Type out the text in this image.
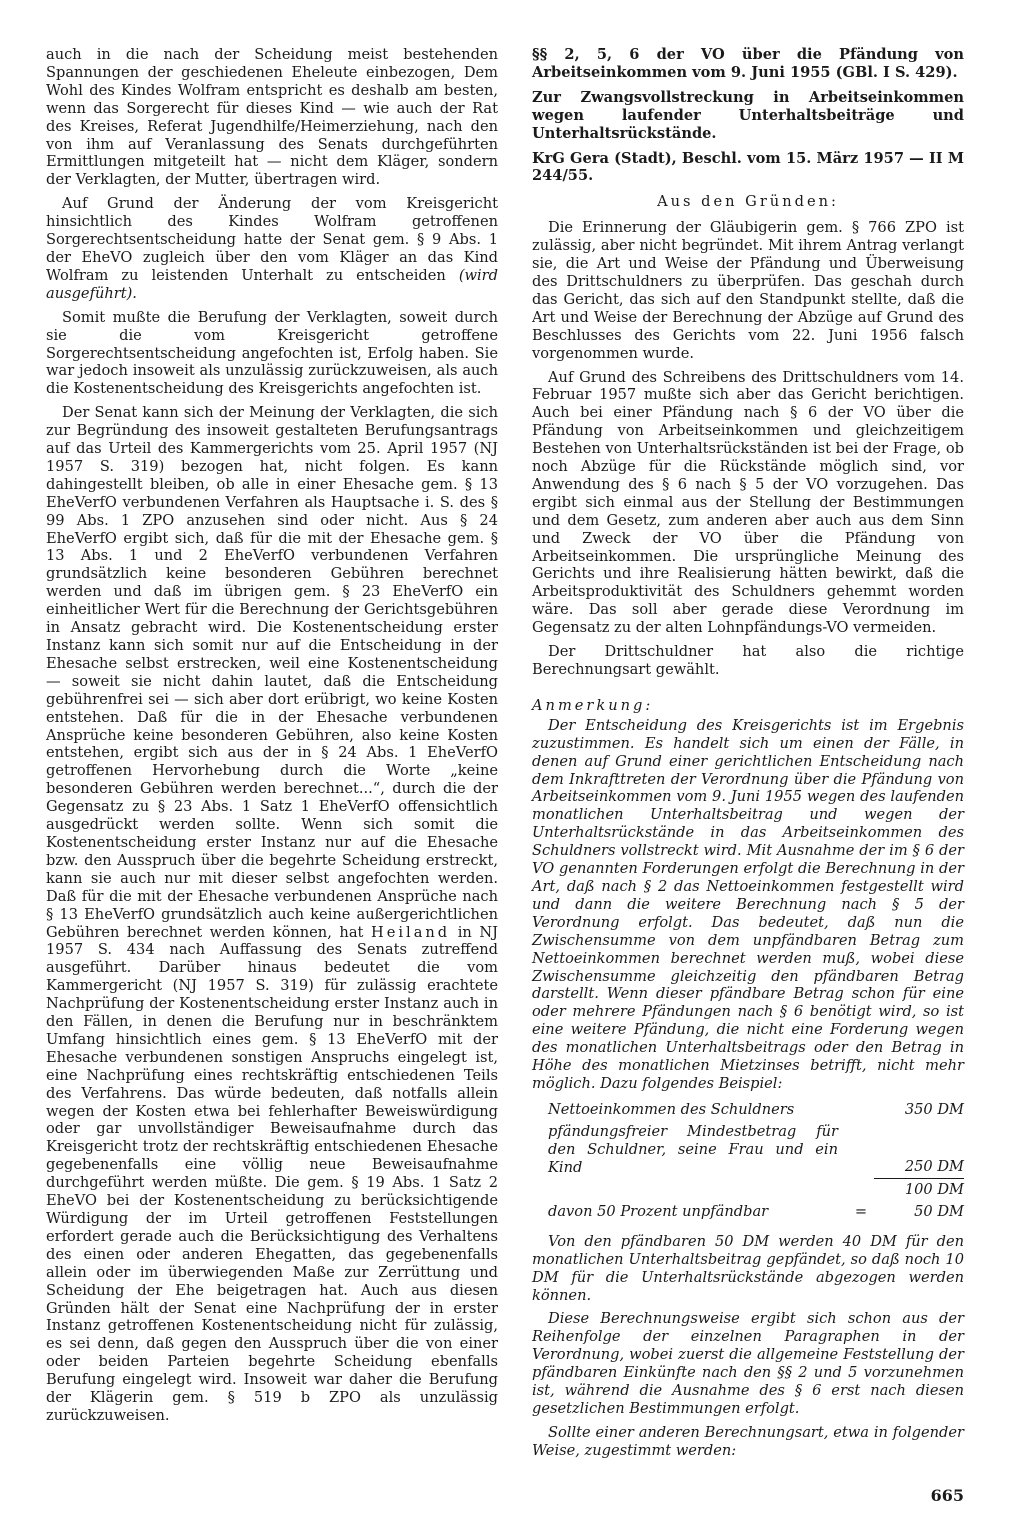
auch in die nach der Scheidung meist bestehenden Spannungen der geschiedenen Eheleute einbezogen, Dem Wohl des Kindes Wolfram entspricht es deshalb am besten, wenn das Sorgerecht für dieses Kind — wie auch der Rat des Kreises, Referat Jugendhilfe/Heimerziehung, nach den von ihm auf Veranlassung des Senats durchgeführten Ermittlungen mitgeteilt hat — nicht dem Kläger, sondern der Verklagten, der Mutter, übertragen wird.

Auf Grund der Änderung der vom Kreisgericht hinsichtlich des Kindes Wolfram getroffenen Sorgerechtsentscheidung hatte der Senat gem. § 9 Abs. 1 der EheVO zugleich über den vom Kläger an das Kind Wolfram zu leistenden Unterhalt zu entscheiden (wird ausgeführt).

Somit mußte die Berufung der Verklagten, soweit durch sie die vom Kreisgericht getroffene Sorgerechtsentscheidung angefochten ist, Erfolg haben. Sie war jedoch insoweit als unzulässig zurückzuweisen, als auch die Kostenentscheidung des Kreisgerichts angefochten ist.

Der Senat kann sich der Meinung der Verklagten, die sich zur Begründung des insoweit gestalteten Berufungsantrags auf das Urteil des Kammergerichts vom 25. April 1957 (NJ 1957 S. 319) bezogen hat, nicht folgen. Es kann dahingestellt bleiben, ob alle in einer Ehesache gem. § 13 EheVerfO verbundenen Verfahren als Hauptsache i. S. des § 99 Abs. 1 ZPO anzusehen sind oder nicht. Aus § 24 EheVerfO ergibt sich, daß für die mit der Ehesache gem. § 13 Abs. 1 und 2 EheVerfO verbundenen Verfahren grundsätzlich keine besonderen Gebühren berechnet werden und daß im übrigen gem. § 23 EheVerfO ein einheitlicher Wert für die Berechnung der Gerichtsgebühren in Ansatz gebracht wird. Die Kostenentscheidung erster Instanz kann sich somit nur auf die Entscheidung in der Ehesache selbst erstrecken, weil eine Kostenentscheidung — soweit sie nicht dahin lautet, daß die Entscheidung gebührenfrei sei — sich aber dort erübrigt, wo keine Kosten entstehen. Daß für die in der Ehesache verbundenen Ansprüche keine besonderen Gebühren, also keine Kosten entstehen, ergibt sich aus der in § 24 Abs. 1 EheVerfO getroffenen Hervorhebung durch die Worte „keine besonderen Gebühren werden berechnet...“, durch die der Gegensatz zu § 23 Abs. 1 Satz 1 EheVerfO offensichtlich ausgedrückt werden sollte. Wenn sich somit die Kostenentscheidung erster Instanz nur auf die Ehesache bzw. den Ausspruch über die begehrte Scheidung erstreckt, kann sie auch nur mit dieser selbst angefochten werden. Daß für die mit der Ehesache verbundenen Ansprüche nach § 13 EheVerfO grundsätzlich auch keine außergerichtlichen Gebühren berechnet werden können, hat Heiland in NJ 1957 S. 434 nach Auffassung des Senats zutreffend ausgeführt. Darüber hinaus bedeutet die vom Kammergericht (NJ 1957 S. 319) für zulässig erachtete Nachprüfung der Kostenentscheidung erster Instanz auch in den Fällen, in denen die Berufung nur in beschränktem Umfang hinsichtlich eines gem. § 13 EheVerfO mit der Ehesache verbundenen sonstigen Anspruchs eingelegt ist, eine Nachprüfung eines rechtskräftig entschiedenen Teils des Verfahrens. Das würde bedeuten, daß notfalls allein wegen der Kosten etwa bei fehlerhafter Beweiswürdigung oder gar unvollständiger Beweisaufnahme durch das Kreisgericht trotz der rechtskräftig entschiedenen Ehesache gegebenenfalls eine völlig neue Beweisaufnahme durchgeführt werden müßte. Die gem. § 19 Abs. 1 Satz 2 EheVO bei der Kostenentscheidung zu berücksichtigende Würdigung der im Urteil getroffenen Feststellungen erfordert gerade auch die Berücksichtigung des Verhaltens des einen oder anderen Ehegatten, das gegebenenfalls allein oder im überwiegenden Maße zur Zerrüttung und Scheidung der Ehe beigetragen hat. Auch aus diesen Gründen hält der Senat eine Nachprüfung der in erster Instanz getroffenen Kostenentscheidung nicht für zulässig, es sei denn, daß gegen den Ausspruch über die von einer oder beiden Parteien begehrte Scheidung ebenfalls Berufung eingelegt wird. Insoweit war daher die Berufung der Klägerin gem. § 519 b ZPO als unzulässig zurückzuweisen.

§§ 2, 5, 6 der VO über die Pfändung von Arbeitseinkommen vom 9. Juni 1955 (GBl. I S. 429).

Zur Zwangsvollstreckung in Arbeitseinkommen wegen laufender Unterhaltsbeiträge und Unterhaltsrückstände.

KrG Gera (Stadt), Beschl. vom 15. März 1957 — II M 244/55.

Aus den Gründen:

Die Erinnerung der Gläubigerin gem. § 766 ZPO ist zulässig, aber nicht begründet. Mit ihrem Antrag verlangt sie, die Art und Weise der Pfändung und Überweisung des Drittschuldners zu überprüfen. Das geschah durch das Gericht, das sich auf den Standpunkt stellte, daß die Art und Weise der Berechnung der Abzüge auf Grund des Beschlusses des Gerichts vom 22. Juni 1956 falsch vorgenommen wurde.

Auf Grund des Schreibens des Drittschuldners vom 14. Februar 1957 mußte sich aber das Gericht berichtigen. Auch bei einer Pfändung nach § 6 der VO über die Pfändung von Arbeitseinkommen und gleichzeitigem Bestehen von Unterhaltsrückständen ist bei der Frage, ob noch Abzüge für die Rückstände möglich sind, vor Anwendung des § 6 nach § 5 der VO vorzugehen. Das ergibt sich einmal aus der Stellung der Bestimmungen und dem Gesetz, zum anderen aber auch aus dem Sinn und Zweck der VO über die Pfändung von Arbeitseinkommen. Die ursprüngliche Meinung des Gerichts und ihre Realisierung hätten bewirkt, daß die Arbeitsproduktivität des Schuldners gehemmt worden wäre. Das soll aber gerade diese Verordnung im Gegensatz zu der alten Lohnpfändungs-VO vermeiden.

Der Drittschuldner hat also die richtige Berechnungsart gewählt.

Anmerkung:

Der Entscheidung des Kreisgerichts ist im Ergebnis zuzustimmen. Es handelt sich um einen der Fälle, in denen auf Grund einer gerichtlichen Entscheidung nach dem Inkrafttreten der Verordnung über die Pfändung von Arbeitseinkommen vom 9. Juni 1955 wegen des laufenden monatlichen Unterhaltsbeitrag und wegen der Unterhaltsrückstände in das Arbeitseinkommen des Schuldners vollstreckt wird. Mit Ausnahme der im § 6 der VO genannten Forderungen erfolgt die Berechnung in der Art, daß nach § 2 das Nettoeinkommen festgestellt wird und dann die weitere Berechnung nach § 5 der Verordnung erfolgt. Das bedeutet, daß nun die Zwischensumme von dem unpfändbaren Betrag zum Nettoeinkommen berechnet werden muß, wobei diese Zwischensumme gleichzeitig den pfändbaren Betrag darstellt. Wenn dieser pfändbare Betrag schon für eine oder mehrere Pfändungen nach § 6 benötigt wird, so ist eine weitere Pfändung, die nicht eine Forderung wegen des monatlichen Unterhaltsbeitrags oder den Betrag in Höhe des monatlichen Mietzinses betrifft, nicht mehr möglich. Dazu folgendes Beispiel:

Nettoeinkommen des Schuldners		350 DM
pfändungsfreier Mindestbetrag für den Schuldner, seine Frau und ein Kind		250 DM
		100 DM
davon 50 Prozent unpfändbar	=	50 DM

Von den pfändbaren 50 DM werden 40 DM für den monatlichen Unterhaltsbeitrag gepfändet, so daß noch 10 DM für die Unterhaltsrückstände abgezogen werden können.

Diese Berechnungsweise ergibt sich schon aus der Reihenfolge der einzelnen Paragraphen in der Verordnung, wobei zuerst die allgemeine Feststellung der pfändbaren Einkünfte nach den §§ 2 und 5 vorzunehmen ist, während die Ausnahme des § 6 erst nach diesen gesetzlichen Bestimmungen erfolgt.

Sollte einer anderen Berechnungsart, etwa in folgender Weise, zugestimmt werden:

665
